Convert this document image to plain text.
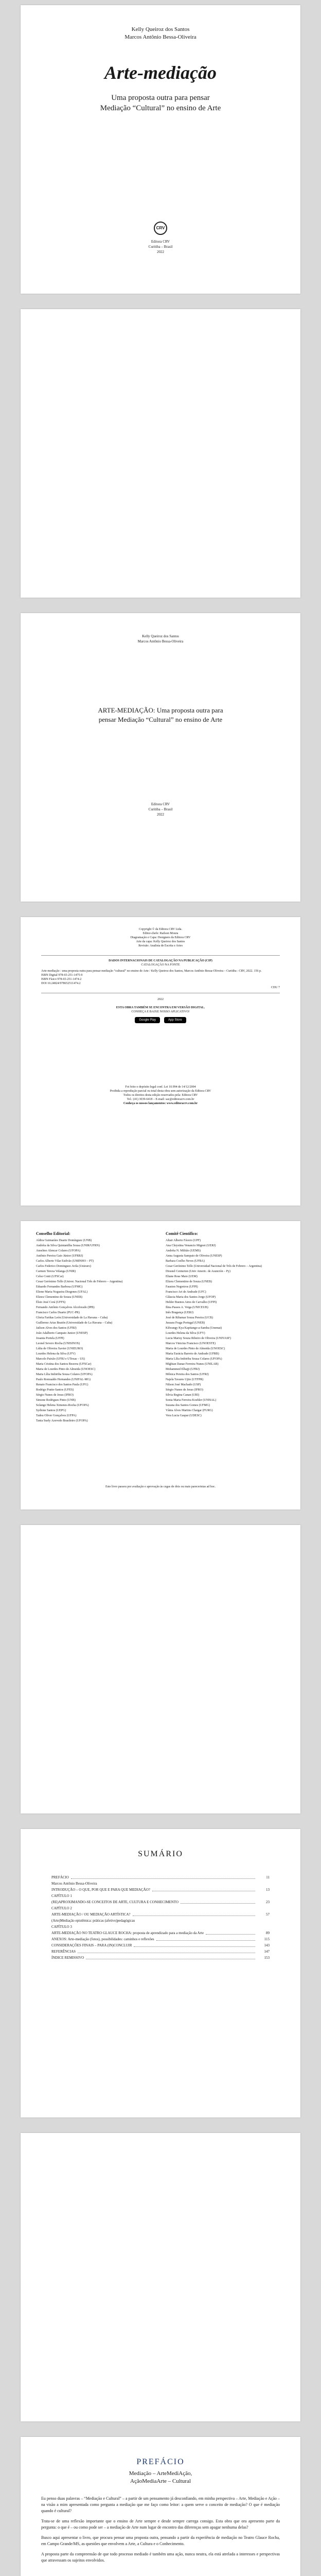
Kelly Queiroz dos Santos
Marcos Antônio Bessa-Oliveira
Arte-mediação
Uma proposta outra para pensar
Mediação “Cultural” no ensino de Arte
CRV
Editora CRV
Curitiba – Brasil
2022
Kelly Queiroz dos Santos
Marcos Antônio Bessa-Oliveira
ARTE-MEDIAÇÃO: Uma proposta outra para
pensar Mediação “Cultural” no ensino de Arte
Editora CRV
Curitiba – Brasil
2022
Copyright © da Editora CRV Ltda.
Editor-chefe: Railson Moura
Diagramação e Capa: Designers da Editora CRV
Arte da capa: Kelly Queiroz dos Santos
Revisão: Analista de Escrita e Artes
DADOS INTERNACIONAIS DE CATALOGAÇÃO NA PUBLICAÇÃO (CIP)
CATALOGAÇÃO NA FONTE
Arte-mediação : uma proposta outra para pensar mediação “cultural” no ensino de Arte / Kelly Queiroz dos Santos, Marcos Antônio Bessa-Oliveira – Curitiba : CRV, 2022. 156 p.
ISBN Digital 978-65-251-1475-9
ISBN Físico 978-65-251-1474-2
DOI 10.24824/978652511474.2
CDU 7
2022
ESTA OBRA TAMBÉM SE ENCONTRA EM VERSÃO DIGITAL.
CONHEÇA E BAIXE NOSSO APLICATIVO!
Google Play	App Store
Foi feito o depósito legal conf. Lei 10.994 de 14/12/2004
Proibida a reprodução parcial ou total desta obra sem autorização da Editora CRV
Todos os direitos desta edição reservados pela: Editora CRV
Tel.: (41) 3039-6418 – E-mail: sac@editoracrv.com.br
Conheça os nossos lançamentos: www.editoracrv.com.br
Conselho Editorial:
Aldira Guimarães Duarte Domínguez (UNB)
Andréia da Silva Quintanilha Sousa (UNIR/UFRN)
Anselmo Alencar Colares (UFOPA)
Antônio Pereira Gaio Júnior (UFRRJ)
Carlos Alberto Vilar Estêvão (UMINHO – PT)
Carlos Federico Dominguez Avila (Unieuro)
Carmen Tereza Velanga (UNIR)
Celso Conti (UFSCar)
Cesar Gerónimo Tello (Univer. Nacional Três de Febrero – Argentina)
Eduardo Fernandes Barbosa (UFMG)
Elione Maria Nogueira Diogenes (UFAL)
Elizeu Clementino de Souza (UNEB)
Élsio José Corá (UFFS)
Fernando Antônio Gonçalves Alcoforado (IPB)
Francisco Carlos Duarte (PUC-PR)
Gloria Fariñas León (Universidade de La Havana – Cuba)
Guillermo Arias Beatón (Universidade de La Havana – Cuba)
Jailson Alves dos Santos (UFRJ)
João Adalberto Campato Junior (UNESP)
Josania Portela (UFPI)
Leonel Severo Rocha (UNISINOS)
Lídia de Oliveira Xavier (UNIEURO)
Lourdes Helena da Silva (UFV)
Marcelo Paixão (UFRJ e UTexas – US)
Maria Cristina dos Santos Bezerra (UFSCar)
Maria de Lourdes Pinto de Almeida (UNOESC)
Maria Lília Imbiriba Sousa Colares (UFOPA)
Paulo Romualdo Hernandes (UNIFAL-MG)
Renato Francisco dos Santos Paula (UFG)
Rodrigo Pratte-Santos (UFES)
Sérgio Nunes de Jesus (IFRO)
Simone Rodrigues Pinto (UNB)
Solange Helena Ximenes-Rocha (UFOPA)
Sydione Santos (UEPG)
Tadeu Oliver Gonçalves (UFPA)
Tania Suely Azevedo Brasileiro (UFOPA)
Comitê Científico:
Altair Alberto Fávero (UPF)
Ana Chrystina Venancio Mignot (UERJ)
Andréia N. Militão (UEMS)
Anna Augusta Sampaio de Oliveira (UNESP)
Barbara Coelho Neves (UFBA)
Cesar Gerónimo Tello (Universidad Nacional de Três de Febrero – Argentina)
Diosnel Centurion (Univ Americ. de Asunción – Py)
Eliane Rose Maio (UEM)
Elizeu Clementino de Souza (UNEB)
Fauston Negreiros (UFPI)
Francisco Ari de Andrade (UFC)
Gláucia Maria dos Santos Jorge (UFOP)
Helder Buenos Aires de Carvalho (UFPI)
Ilma Passos A. Veiga (UNICEUB)
Inês Bragança (UERJ)
José de Ribamar Sousa Pereira (UCB)
Jussara Fraga Portugal (UNEB)
Kilwangy Kya Kapitango-a-Samba (Unemat)
Lourdes Helena da Silva (UFV)
Lucia Marisy Souza Ribeiro de Oliveira (UNIVASF)
Marcos Vinicius Francisco (UNOESTE)
Maria de Lourdes Pinto de Almeida (UNOESC)
Maria Eurácia Barreto de Andrade (UFRB)
Maria Lília Imbiriba Sousa Colares (UFOPA)
Míghian Danae Ferreira Nunes (UNILAB)
Mohammed Elhajji (UFRJ)
Mônica Pereira dos Santos (UFRJ)
Najela Tavares Ujiie (UTFPR)
Nilson José Machado (USP)
Sérgio Nunes de Jesus (IFRO)
Silvia Regina Canan (URI)
Sonia Maria Ferreira Koehler (UNISAL)
Suzana dos Santos Gomes (UFMG)
Vânia Alves Martins Chaigar (FURG)
Vera Lucia Gaspar (UDESC)
Este livro passou por avaliação e aprovação às cegas de dois ou mais pareceristas ad hoc.
SUMÁRIO
PREFÁCIO	11
Marcos Antônio Bessa-Oliveira
INTRODUÇÃO – O QUE, POR QUE E PARA QUE MEDIAÇÃO?	13
CAPÍTULO 1
(RE)APROXIMANDO-SE CONCEITOS DE ARTE, CULTURA E CONHECIMENTO	23
CAPÍTULO 2
ARTE-MEDIAÇÃO / OU MEDIAÇÃO ARTÍSTICA?	57
(Arte)Mediação epistêmica: práticas (afetivo)pedagógicas
CAPÍTULO 3
ARTE-MEDIAÇÃO NO TEATRO GLAUCE ROCHA: proposta de aprendizado para a mediação da Arte	89
ANEXOS: Arte-mediação (fotos), possibilidades: caminhos e reflexões	115
CONSIDERAÇÕES FINAIS – PARA (IN)CONCLUIR	143
REFERÊNCIAS	147
ÍNDICE REMISSIVO	153
PREFÁCIO
Mediação – ArteMediAção,
AçãoMediaArte – Cultural

Eu penso duas palavras – “Mediação e Cultural” – a partir de um pensamento já desconfiando, em minha perspectiva – Arte, Mediação e Ação – na visão a mim apresentada como pergunta a mediação que me faço como leitor: a quem serve o conceito de mediação? O que é mediação quando é cultural?

Trata-se de uma reflexão importante que o ensino de Arte sempre e desde sempre carrega consigo. Esta obra que ora apresento parte da pergunta: o que é – ou como pode ser – a mediação de Arte num lugar de encontro das diferenças sem apagar nenhuma delas?

Busco aqui apresentar o livro, que procura pensar uma proposta outra, pensando a partir da experiência de mediação no Teatro Glauce Rocha, em Campo Grande/MS, as questões que envolvem a Arte, a Cultura e o Conhecimento.

A proposta parte da compreensão de que todo processo mediado é também uma ação, nunca neutra, ela está atrelada a interesses e perspectivas que atravessam os sujeitos envolvidos.
